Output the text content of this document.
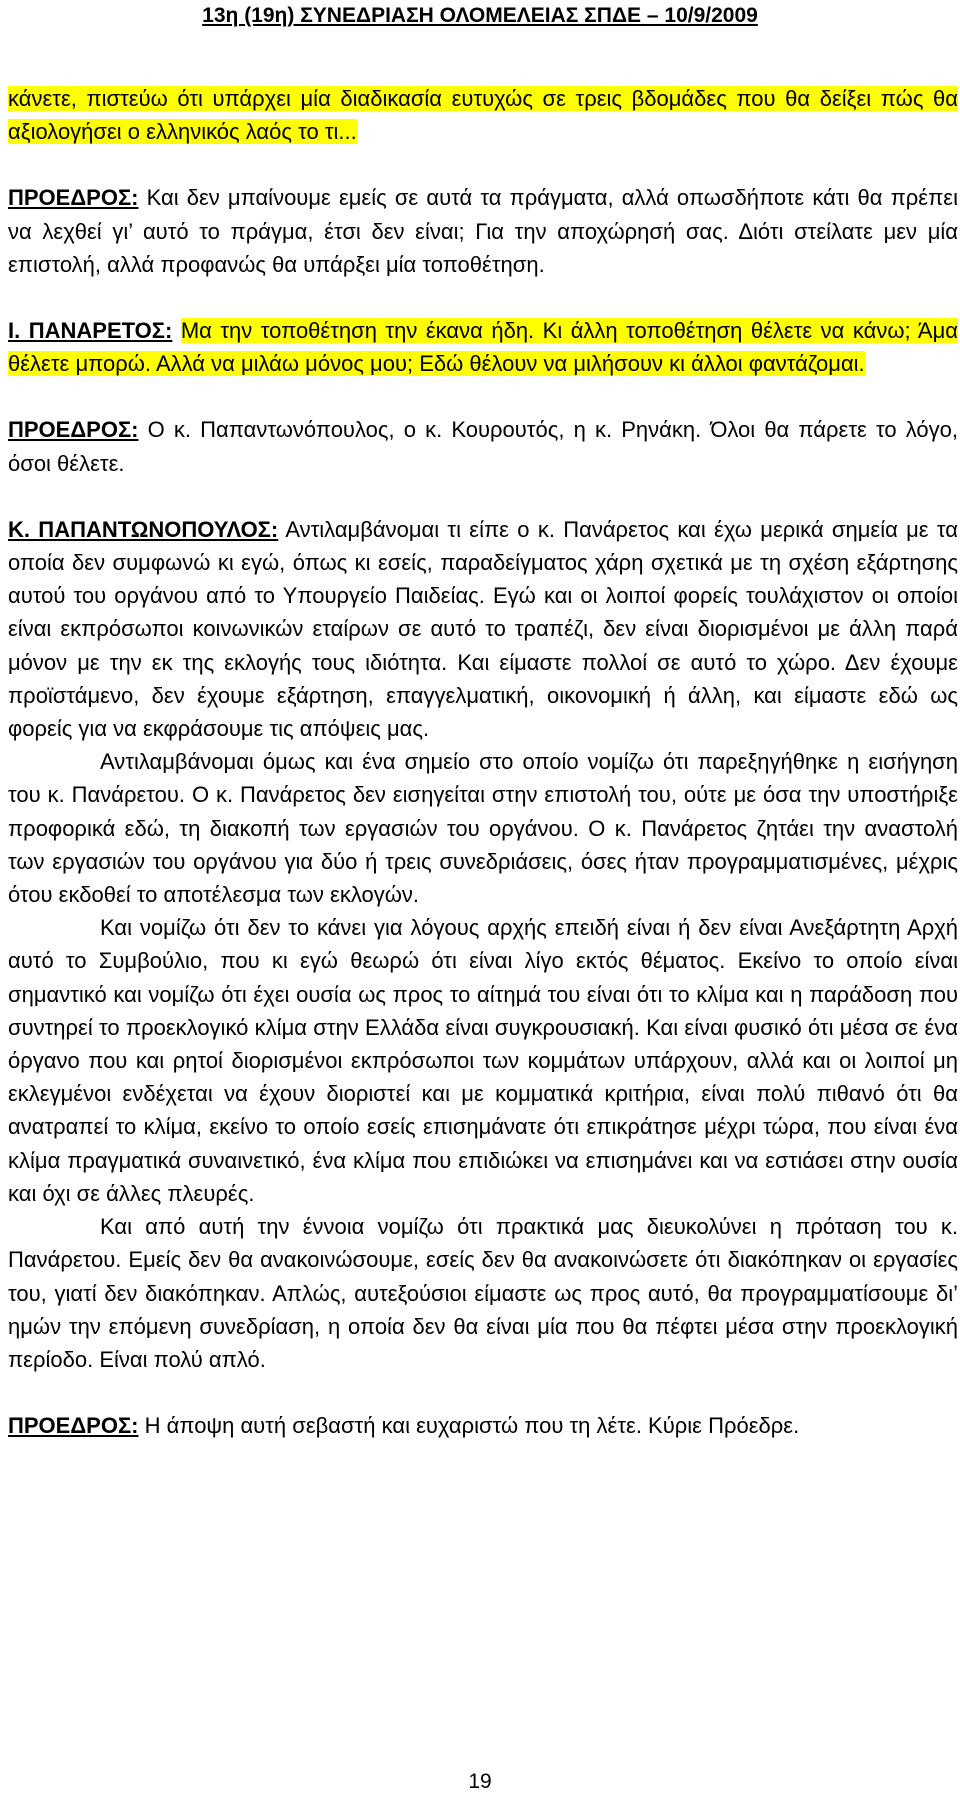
13η (19η) ΣΥΝΕΔΡΙΑΣΗ ΟΛΟΜΕΛΕΙΑΣ ΣΠΔΕ – 10/9/2009
κάνετε, πιστεύω ότι υπάρχει μία διαδικασία ευτυχώς σε τρεις βδομάδες που θα δείξει πώς θα αξιολογήσει ο ελληνικός λαός το τι...
ΠΡΟΕΔΡΟΣ: Και δεν μπαίνουμε εμείς σε αυτά τα πράγματα, αλλά οπωσδήποτε κάτι θα πρέπει να λεχθεί γι’ αυτό το πράγμα, έτσι δεν είναι; Για την αποχώρησή σας. Διότι στείλατε μεν μία επιστολή, αλλά προφανώς θα υπάρξει μία τοποθέτηση.
Ι. ΠΑΝΑΡΕΤΟΣ: Μα την τοποθέτηση την έκανα ήδη. Κι άλλη τοποθέτηση θέλετε να κάνω; Άμα θέλετε μπορώ. Αλλά να μιλάω μόνος μου; Εδώ θέλουν να μιλήσουν κι άλλοι φαντάζομαι.
ΠΡΟΕΔΡΟΣ: Ο κ. Παπαντωνόπουλος, ο κ. Κουρουτός, η κ. Ρηνάκη. Όλοι θα πάρετε το λόγο, όσοι θέλετε.
Κ. ΠΑΠΑΝΤΩΝΟΠΟΥΛΟΣ: Αντιλαμβάνομαι τι είπε ο κ. Πανάρετος και έχω μερικά σημεία με τα οποία δεν συμφωνώ κι εγώ, όπως κι εσείς, παραδείγματος χάρη σχετικά με τη σχέση εξάρτησης αυτού του οργάνου από το Υπουργείο Παιδείας. Εγώ και οι λοιποί φορείς τουλάχιστον οι οποίοι είναι εκπρόσωποι κοινωνικών εταίρων σε αυτό το τραπέζι, δεν είναι διορισμένοι με άλλη παρά μόνον με την εκ της εκλογής τους ιδιότητα. Και είμαστε πολλοί σε αυτό το χώρο. Δεν έχουμε προϊστάμενο, δεν έχουμε εξάρτηση, επαγγελματική, οικονομική ή άλλη, και είμαστε εδώ ως φορείς για να εκφράσουμε τις απόψεις μας.
Αντιλαμβάνομαι όμως και ένα σημείο στο οποίο νομίζω ότι παρεξηγήθηκε η εισήγηση του κ. Πανάρετου. Ο κ. Πανάρετος δεν εισηγείται στην επιστολή του, ούτε με όσα την υποστήριξε προφορικά εδώ, τη διακοπή των εργασιών του οργάνου. Ο κ. Πανάρετος ζητάει την αναστολή των εργασιών του οργάνου για δύο ή τρεις συνεδριάσεις, όσες ήταν προγραμματισμένες, μέχρις ότου εκδοθεί το αποτέλεσμα των εκλογών.
Και νομίζω ότι δεν το κάνει για λόγους αρχής επειδή είναι ή δεν είναι Ανεξάρτητη Αρχή αυτό το Συμβούλιο, που κι εγώ θεωρώ ότι είναι λίγο εκτός θέματος. Εκείνο το οποίο είναι σημαντικό και νομίζω ότι έχει ουσία ως προς το αίτημά του είναι ότι το κλίμα και η παράδοση που συντηρεί το προεκλογικό κλίμα στην Ελλάδα είναι συγκρουσιακή. Και είναι φυσικό ότι μέσα σε ένα όργανο που και ρητοί διορισμένοι εκπρόσωποι των κομμάτων υπάρχουν, αλλά και οι λοιποί μη εκλεγμένοι ενδέχεται να έχουν διοριστεί και με κομματικά κριτήρια, είναι πολύ πιθανό ότι θα ανατραπεί το κλίμα, εκείνο το οποίο εσείς επισημάνατε ότι επικράτησε μέχρι τώρα, που είναι ένα κλίμα πραγματικά συναινετικό, ένα κλίμα που επιδιώκει να επισημάνει και να εστιάσει στην ουσία και όχι σε άλλες πλευρές.
Και από αυτή την έννοια νομίζω ότι πρακτικά μας διευκολύνει η πρόταση του κ. Πανάρετου. Εμείς δεν θα ανακοινώσουμε, εσείς δεν θα ανακοινώσετε ότι διακόπηκαν οι εργασίες του, γιατί δεν διακόπηκαν. Απλώς, αυτεξούσιοι είμαστε ως προς αυτό, θα προγραμματίσουμε δι’ ημών την επόμενη συνεδρίαση, η οποία δεν θα είναι μία που θα πέφτει μέσα στην προεκλογική περίοδο. Είναι πολύ απλό.
ΠΡΟΕΔΡΟΣ: Η άποψη αυτή σεβαστή και ευχαριστώ που τη λέτε. Κύριε Πρόεδρε.
19
